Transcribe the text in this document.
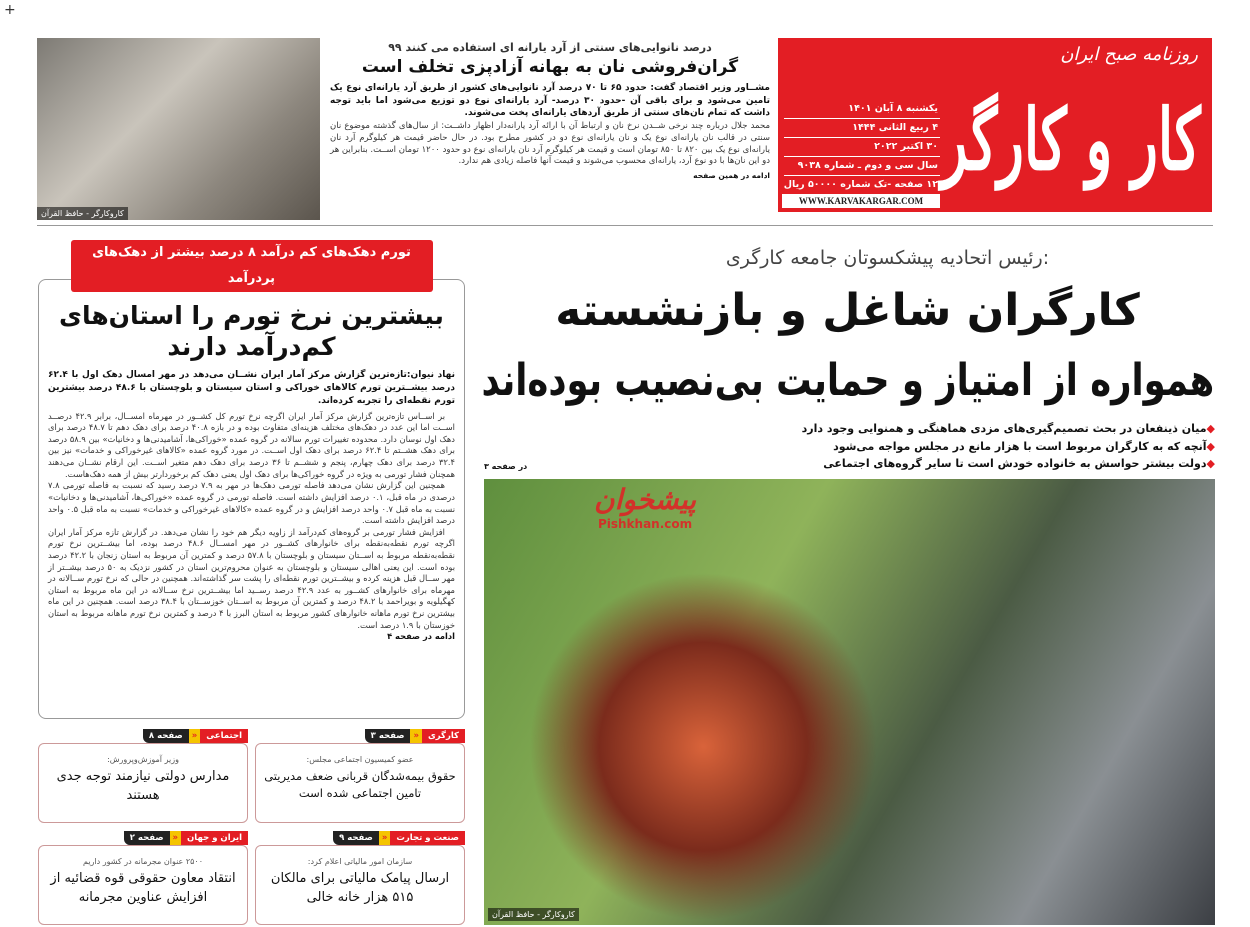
+
روزنامه صبح ایران
کار و کارگر
یکشنبه ۸ آبان ۱۴۰۱
۴ ربیع الثانی ۱۴۴۴
۳۰ اکتبر ۲۰۲۲
سال سی و دوم ـ شماره ۹۰۳۸
۱۲ صفحه -تک شماره ۵۰۰۰۰ ریال
WWW.KARVAKARGAR.COM
کاروکارگر - حافظ القرآن
۹۹ درصد نانوایی‌های سنتی از آرد یارانه ای استفاده می کنند
گران‌فروشی نان به بهانه آزادپزی تخلف است
مشــاور وزیر اقتصاد گفت: حدود ۶۵ تا ۷۰ درصد آرد نانوایی‌های کشور از طریق آرد یارانه‌ای نوع یک تامین می‌شود و برای باقی آن -حدود ۳۰ درصد- آرد یارانه‌ای نوع دو توزیع می‌شود اما باید توجه داشت که تمام نان‌های سنتی از طریق آردهای یارانه‌ای پخت می‌شوند.
محمد جلال درباره چند نرخی شــدن نرخ نان و ارتباط آن با ارائه آرد یارانه‌دار اظهار داشــت: از سال‌های گذشته موضوع نان سنتی در قالب نان یارانه‌ای نوع یک و نان یارانه‌ای نوع دو در کشور مطرح بود. در حال حاضر قیمت هر کیلوگرم آرد نان یارانه‌ای نوع یک بین ۸۲۰ تا ۸۵۰ تومان است و قیمت هر کیلوگرم آرد نان یارانه‌ای نوع دو حدود ۱۲۰۰ تومان اســت. بنابراین هر دو این نان‌ها با دو نوع آرد، یارانه‌ای محسوب می‌شوند و قیمت آنها فاصله زیادی هم ندارد.
ادامه در همین صفحه
تورم دهک‌های کم درآمد ۸ درصد بیشتر از دهک‌های پردرآمد
بیشترین نرخ تورم را استان‌های کم‌درآمد دارند
نهاد نیوان:تازه‌ترین گزارش مرکز آمار ایران نشــان می‌دهد در مهر امسال دهک اول با ۶۲.۴ درصد بیشــترین تورم کالاهای خوراکی و استان سیستان و بلوچستان با ۴۸.۶ درصد بیشترین تورم نقطه‌ای را تجربه کرده‌اند.

بر اســاس تازه‌ترین گزارش مرکز آمار ایران اگرچه نرخ تورم کل کشــور در مهرماه امســال، برابر ۴۲.۹ درصــد اســت اما این عدد در دهک‌های مختلف هزینه‌ای متفاوت بوده و در بازه ۴۰.۸ درصد برای دهک دهم تا ۴۸.۷ درصد برای دهک اول نوسان دارد. محدوده تغییرات تورم سالانه در گروه عمده «خوراکی‌ها، آشامیدنی‌ها و دخانیات» بین ۵۸.۹ درصد برای دهک هشــتم تا ۶۲.۴ درصد برای دهک اول اســت. در مورد گروه عمده «کالاهای غیرخوراکی و خدمات» نیز بین ۳۲.۴ درصد برای دهک چهارم، پنجم و ششــم تا ۳۶ درصد برای دهک دهم متغیر اســت. این ارقام نشــان می‌دهند همچنان فشار تورمی به ویژه در گروه خوراکی‌ها برای دهک اول یعنی دهک کم برخوردارتر بیش از همه دهک‌هاست.

همچنین این گزارش نشان می‌دهد فاصله تورمی دهک‌ها در مهر به ۷.۹ درصد رسید که نسبت به فاصله تورمی ۷.۸ درصدی در ماه قبل، ۰.۱ درصد افزایش داشته است. فاصله تورمی در گروه عمده «خوراکی‌ها، آشامیدنی‌ها و دخانیات» نسبت به ماه قبل ۰.۷ واحد درصد افزایش و در گروه عمده «کالاهای غیرخوراکی و خدمات» نسبت به ماه قبل ۰.۵ واحد درصد افزایش داشته است.

افزایش فشار تورمی بر گروه‌های کم‌درآمد از زاویه دیگر هم خود را نشان می‌دهد. در گزارش تازه مرکز آمار ایران اگرچه تورم نقطه‌به‌نقطه برای خانوارهای کشــور در مهر امســال ۴۸.۶ درصد بوده، اما بیشــترین نرخ تورم نقطه‌به‌نقطه مربوط به اســتان سیستان و بلوچستان با ۵۷.۸ درصد و کمترین آن مربوط به استان زنجان با ۴۲.۲ درصد بوده است. این یعنی اهالی سیستان و بلوچستان به عنوان محروم‌ترین استان در کشور نزدیک به ۵۰ درصد بیشــتر از مهر ســال قبل هزینه کرده و بیشــترین تورم نقطه‌ای را پشت سر گذاشته‌اند. همچنین در حالی که نرخ تورم ســالانه در مهرماه برای خانوارهای کشــور به عدد ۴۲.۹ درصد رســید اما بیشــترین نرخ ســالانه در این ماه مربوط به استان کهگیلویه و بویراحمد با ۴۸.۲ درصد و کمترین آن مربوط به اســتان خوزســتان با ۳۸.۴ درصد است. همچنین در این ماه بیشترین نرخ تورم ماهانه خانوارهای کشور مربوط به استان البرز با ۴ درصد و کمترین نرخ تورم ماهانه مربوط به استان خوزستان با ۱.۹ درصد است.

ادامه در صفحه ۴
کارگری
«
صفحه ۳
عضو کمیسیون اجتماعی مجلس:
حقوق بیمه‌شدگان قربانی ضعف مدیریتی تامین اجتماعی شده است
اجتماعی
«
صفحه ۸
وزیر آموزش‌وپرورش:
مدارس دولتی نیازمند توجه جدی هستند
صنعت و تجارت
«
صفحه ۹
سازمان امور مالیاتی اعلام کرد:
ارسال پیامک مالیاتی برای مالکان ۵۱۵ هزار خانه خالی
ایران و جهان
«
صفحه ۲
۲۵۰۰ عنوان مجرمانه در کشور داریم
انتقاد معاون حقوقی قوه قضائیه از افزایش عناوین مجرمانه
رئیس اتحادیه پیشکسوتان جامعه کارگری:
کارگران شاغل و بازنشسته
همواره از امتیاز و حمایت بی‌نصیب بوده‌اند
در صفحه ۳
◆میان ذینفعان در بحث تصمیم‌گیری‌های مزدی هماهنگی و همنوایی وجود دارد
◆آنچه که به کارگران مربوط است با هزار مانع در مجلس مواجه می‌شود
◆دولت بیشتر حواسش به خانواده خودش است تا سایر گروه‌های اجتماعی
پیشخوان
Pishkhan.com
کاروکارگر - حافظ القرآن
